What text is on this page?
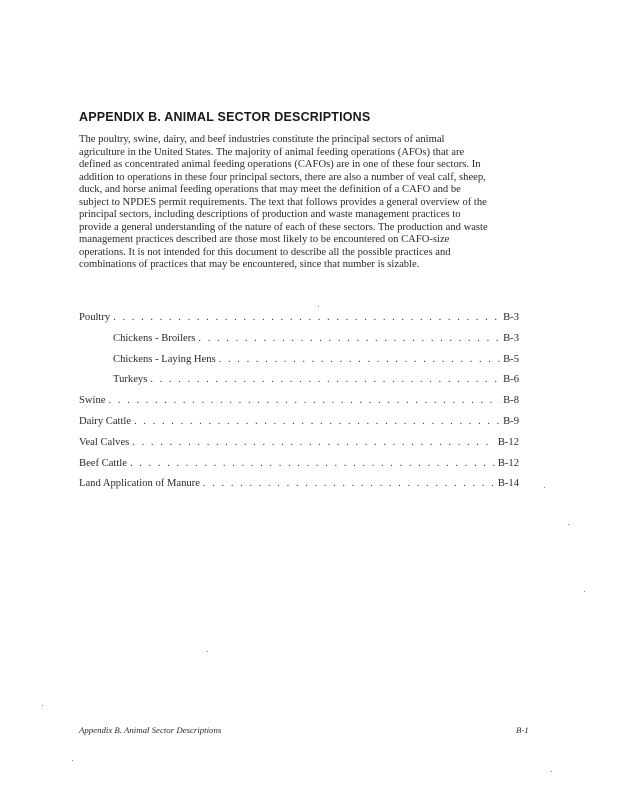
APPENDIX B. ANIMAL SECTOR DESCRIPTIONS

The poultry, swine, dairy, and beef industries constitute the principal sectors of animal
agriculture in the United States. The majority of animal feeding operations (AFOs) that are
defined as concentrated animal feeding operations (CAFOs) are in one of these four sectors. In
addition to operations in these four principal sectors, there are also a number of veal calf, sheep,
duck, and horse animal feeding operations that may meet the definition of a CAFO and be
subject to NPDES permit requirements. The text that follows provides a general overview of the
principal sectors, including descriptions of production and waste management practices to
provide a general understanding of the nature of each of these sectors. The production and waste
management practices described are those most likely to be encountered on CAFO-size
operations. It is not intended for this document to describe all the possible practices and
combinations of practices that may be encountered, since that number is sizable.

Poultry . . .	B-3
Chickens - Broilers . . .	B-3
Chickens - Laying Hens . . .	B-5
Turkeys . . .	B-6
Swine . . .	B-8
Dairy Cattle . . .	B-9
Veal Calves . . .	B-12
Beef Cattle . . .	B-12
Land Application of Manure . . .	B-14
Appendix B. Animal Sector Descriptions	B-1
